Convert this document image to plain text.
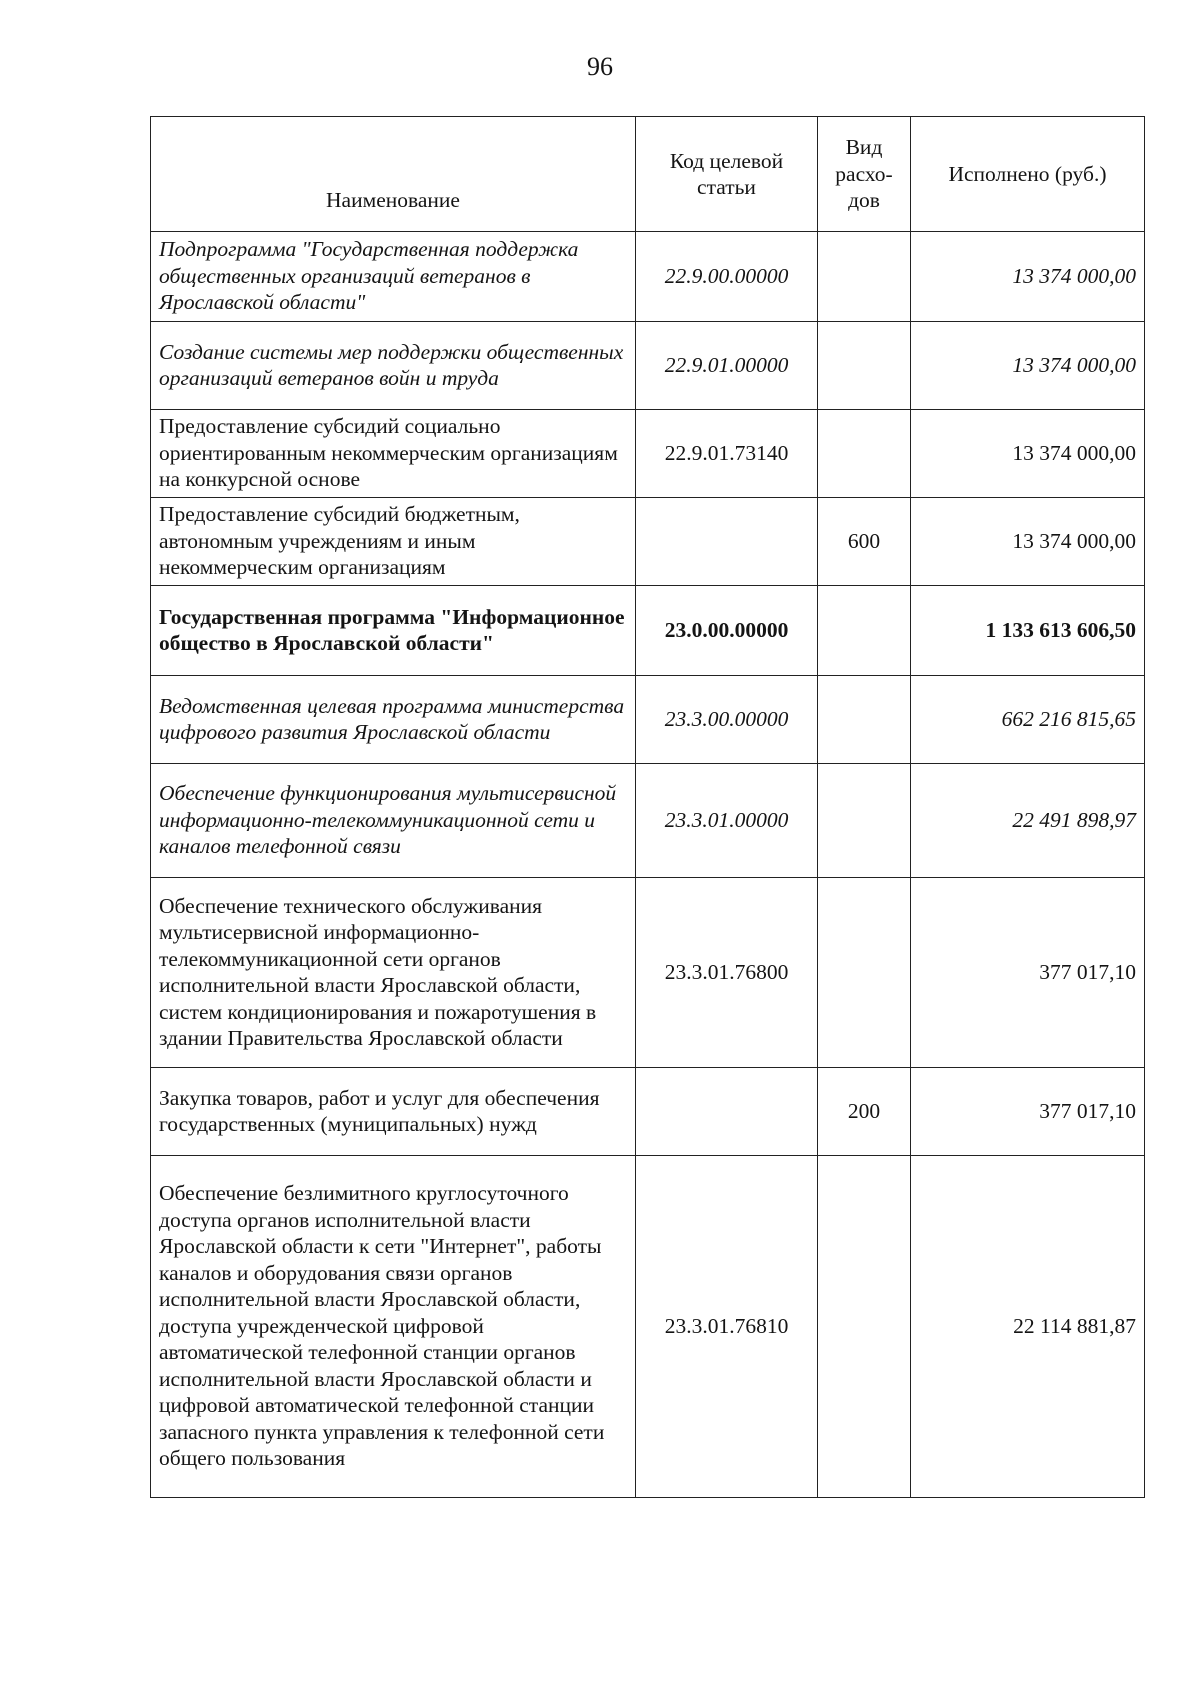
96
Наименование	Код целевой статьи	Вид расхо-дов	Исполнено (руб.)
Подпрограмма "Государственная поддержка общественных организаций ветеранов в Ярославской области"	22.9.00.00000		13 374 000,00
Создание системы мер поддержки общественных организаций ветеранов войн и труда	22.9.01.00000		13 374 000,00
Предоставление субсидий социально ориентированным некоммерческим организациям на конкурсной основе	22.9.01.73140		13 374 000,00
Предоставление субсидий бюджетным, автономным учреждениям и иным некоммерческим организациям		600	13 374 000,00
Государственная программа "Информационное общество в Ярославской области"	23.0.00.00000		1 133 613 606,50
Ведомственная целевая программа министерства цифрового развития Ярославской области	23.3.00.00000		662 216 815,65
Обеспечение функционирования мультисервисной информационно-телекоммуникационной сети и каналов телефонной связи	23.3.01.00000		22 491 898,97
Обеспечение технического обслуживания мультисервисной информационно-телекоммуникационной сети органов исполнительной власти Ярославской области, систем кондиционирования и пожаротушения в здании Правительства Ярославской области	23.3.01.76800		377 017,10
Закупка товаров, работ и услуг для обеспечения государственных (муниципальных) нужд		200	377 017,10
Обеспечение безлимитного круглосуточного доступа органов исполнительной власти Ярославской области к сети "Интернет", работы каналов и оборудования связи органов исполнительной власти Ярославской области, доступа учрежденческой цифровой автоматической телефонной станции органов исполнительной власти Ярославской области и цифровой автоматической телефонной станции запасного пункта управления к телефонной сети общего пользования	23.3.01.76810		22 114 881,87
